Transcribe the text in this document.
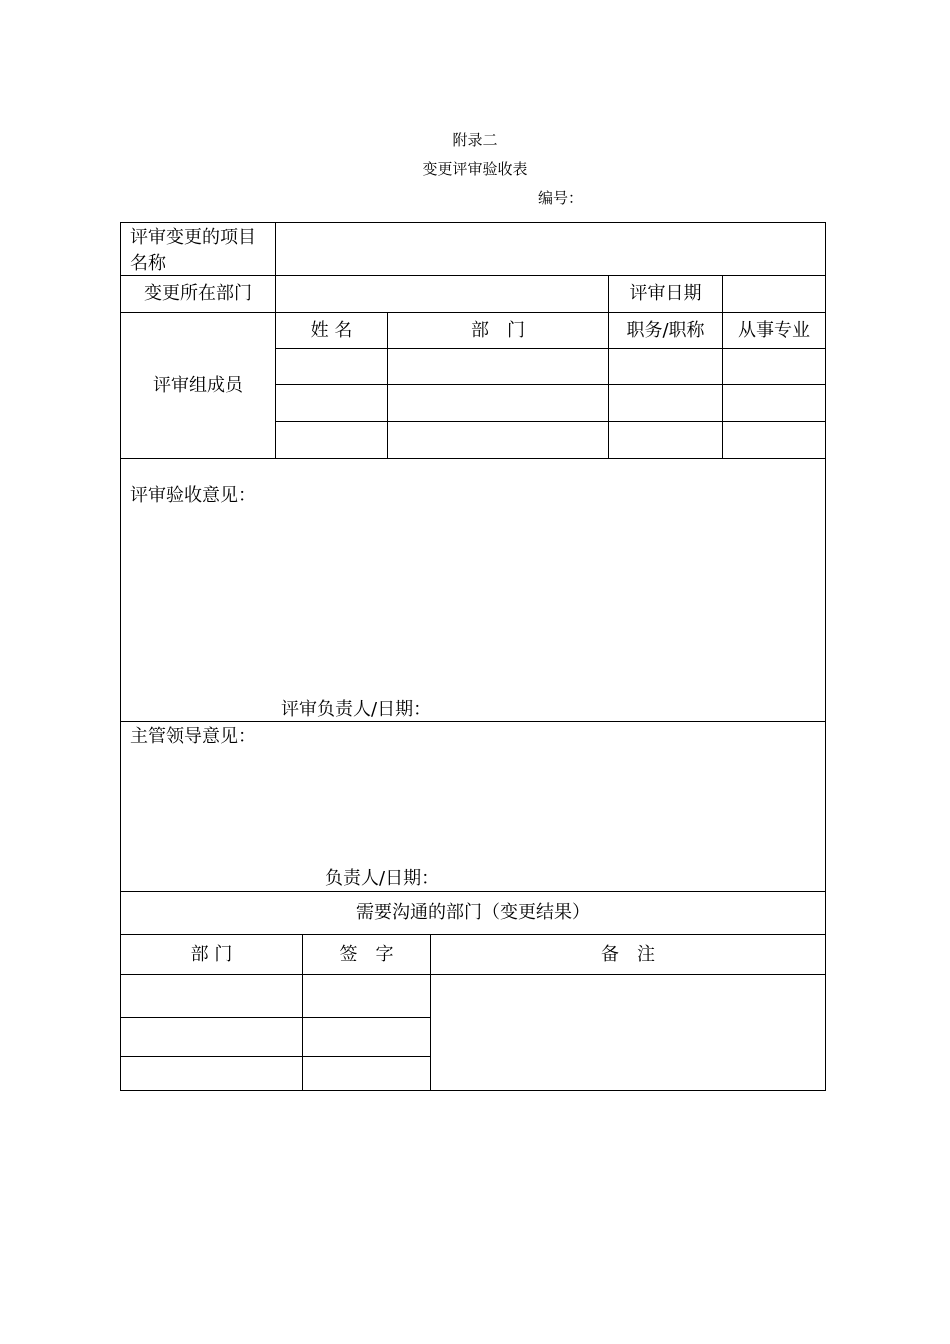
附录二
变更评审验收表
编号：
评审变更的项目名称
变更所在部门	评审日期
评审组成员
姓 名	部　门	职务/职称	从事专业
评审验收意见：
评审负责人/日期：
主管领导意见：
负责人/日期：
需要沟通的部门（变更结果）
部 门	签　字	备　注
